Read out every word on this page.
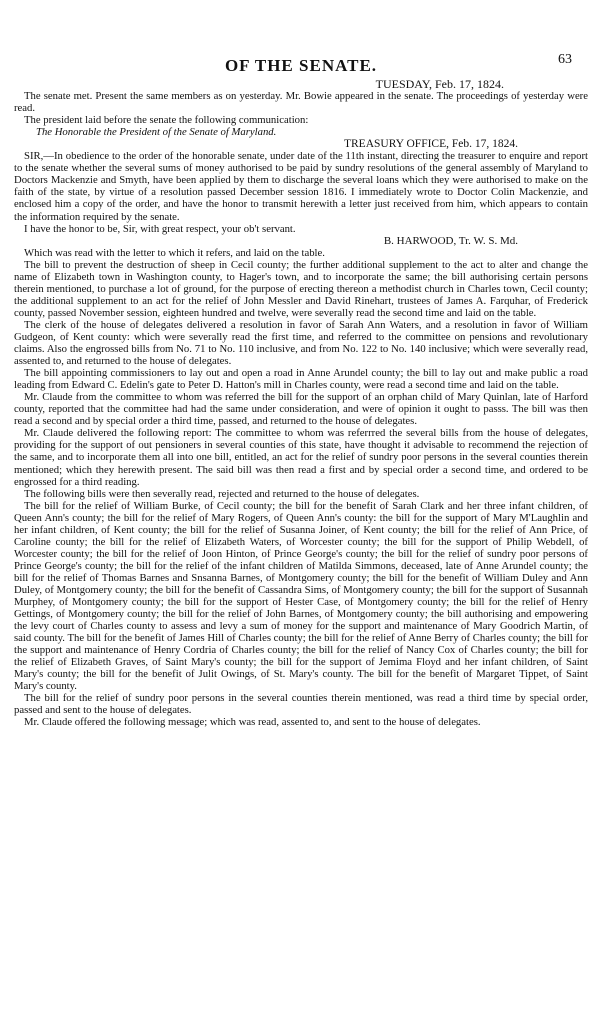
OF THE SENATE.	63

TUESDAY, Feb. 17, 1824.

The senate met. Present the same members as on yesterday. Mr. Bowie appeared in the senate. The proceedings of yesterday were read.

The president laid before the senate the following communication:

The Honorable the President of the Senate of Maryland.

TREASURY OFFICE, Feb. 17, 1824.

SIR,—In obedience to the order of the honorable senate, under date of the 11th instant, directing the treasurer to enquire and report to the senate whether the several sums of money authorised to be paid by sundry resolutions of the general assembly of Maryland to Doctors Mackenzie and Smyth, have been applied by them to discharge the several loans which they were authorised to make on the faith of the state, by virtue of a resolution passed December session 1816. I immediately wrote to Doctor Colin Mackenzie, and enclosed him a copy of the order, and have the honor to transmit herewith a letter just received from him, which appears to contain the information required by the senate.

I have the honor to be, Sir, with great respect, your ob't servant.

B. HARWOOD, Tr. W. S. Md.

Which was read with the letter to which it refers, and laid on the table.

The bill to prevent the destruction of sheep in Cecil county; the further additional supplement to the act to alter and change the name of Elizabeth town in Washington county, to Hager's town, and to incorporate the same; the bill authorising certain persons therein mentioned, to purchase a lot of ground, for the purpose of erecting thereon a methodist church in Charles town, Cecil county; the additional supplement to an act for the relief of John Messler and David Rinehart, trustees of James A. Farquhar, of Frederick county, passed November session, eighteen hundred and twelve, were severally read the second time and laid on the table.

The clerk of the house of delegates delivered a resolution in favor of Sarah Ann Waters, and a resolution in favor of William Gudgeon, of Kent county: which were severally read the first time, and referred to the committee on pensions and revolutionary claims. Also the engrossed bills from No. 71 to No. 110 inclusive, and from No. 122 to No. 140 inclusive; which were severally read, assented to, and returned to the house of delegates.

The bill appointing commissioners to lay out and open a road in Anne Arundel county; the bill to lay out and make public a road leading from Edward C. Edelin's gate to Peter D. Hatton's mill in Charles county, were read a second time and laid on the table.

Mr. Claude from the committee to whom was referred the bill for the support of an orphan child of Mary Quinlan, late of Harford county, reported that the committee had had the same under consideration, and were of opinion it ought to passs. The bill was then read a second and by special order a third time, passed, and returned to the house of delegates.

Mr. Claude delivered the following report: The committee to whom was referrred the several bills from the house of delegates, providing for the support of out pensioners in several counties of this state, have thought it advisable to recommend the rejection of the same, and to incorporate them all into one bill, entitled, an act for the relief of sundry poor persons in the several counties therein mentioned; which they herewith present. The said bill was then read a first and by special order a second time, and ordered to be engrossed for a third reading.

The following bills were then severally read, rejected and returned to the house of delegates.

The bill for the relief of William Burke, of Cecil county; the bill for the benefit of Sarah Clark and her three infant children, of Queen Ann's county; the bill for the relief of Mary Rogers, of Queen Ann's county: the bill for the support of Mary M'Laughlin and her infant children, of Kent county; the bill for the relief of Susanna Joiner, of Kent county; the bill for the relief of Ann Price, of Caroline county; the bill for the relief of Elizabeth Waters, of Worcester county; the bill for the support of Philip Webdell, of Worcester county; the bill for the relief of Joon Hinton, of Prince George's county; the bill for the relief of sundry poor persons of Prince George's county; the bill for the relief of the infant children of Matilda Simmons, deceased, late of Anne Arundel county; the bill for the relief of Thomas Barnes and Snsanna Barnes, of Montgomery county; the bill for the benefit of William Duley and Ann Duley, of Montgomery county; the bill for the benefit of Cassandra Sims, of Montgomery county; the bill for the support of Susannah Murphey, of Montgomery county; the bill for the support of Hester Case, of Montgomery county; the bill for the relief of Henry Gettings, of Montgomery county; the bill for the relief of John Barnes, of Montgomery county; the bill authorising and empowering the levy court of Charles county to assess and levy a sum of money for the support and maintenance of Mary Goodrich Martin, of said county. The bill for the benefit of James Hill of Charles county; the bill for the relief of Anne Berry of Charles county; the bill for the support and maintenance of Henry Cordria of Charles county; the bill for the relief of Nancy Cox of Charles county; the bill for the relief of Elizabeth Graves, of Saint Mary's county; the bill for the support of Jemima Floyd and her infant children, of Saint Mary's county; the bill for the benefit of Julit Owings, of St. Mary's county. The bill for the benefit of Margaret Tippet, of Saint Mary's county.

The bill for the relief of sundry poor persons in the several counties therein mentioned, was read a third time by special order, passed and sent to the house of delegates.

Mr. Claude offered the following message; which was read, assented to, and sent to the house of delegates.
